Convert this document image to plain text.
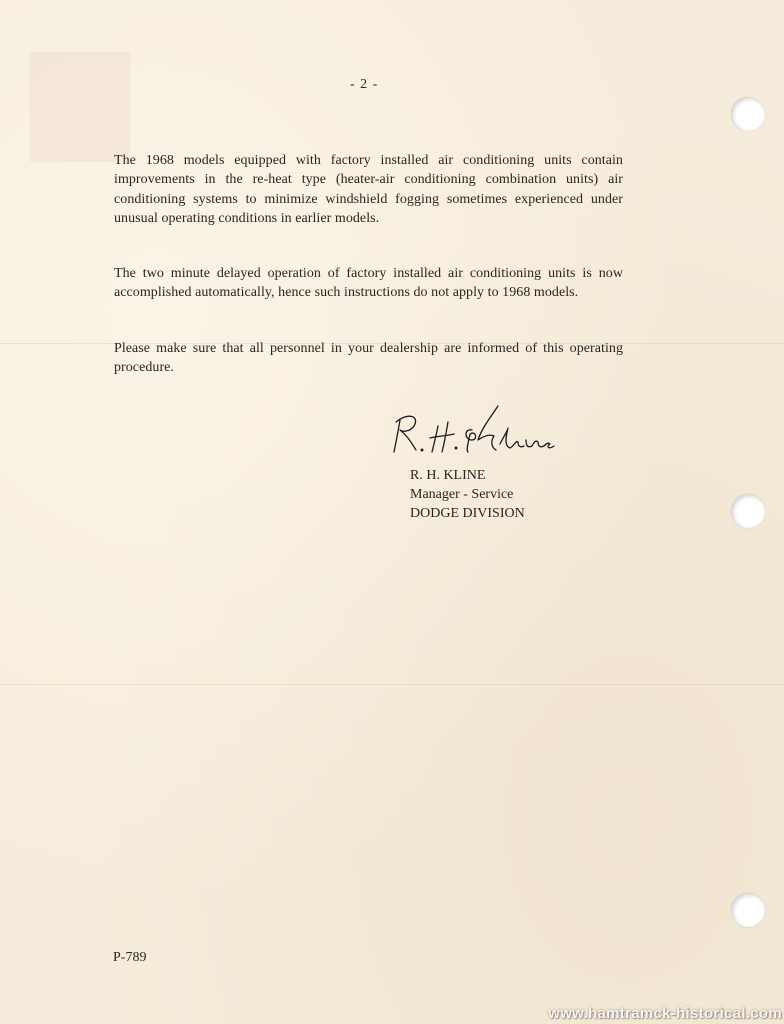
- 2 -
The 1968 models equipped with factory installed air conditioning units contain improvements in the re-heat type (heater-air conditioning combination units) air conditioning systems to minimize windshield fogging sometimes experienced under unusual operating conditions in earlier models.
The two minute delayed operation of factory installed air conditioning units is now accomplished automatically, hence such instructions do not apply to 1968 models.
Please make sure that all personnel in your dealership are informed of this operating procedure.
R. H. KLINE
Manager - Service
DODGE DIVISION
P-789
www.hamtramck-historical.com
